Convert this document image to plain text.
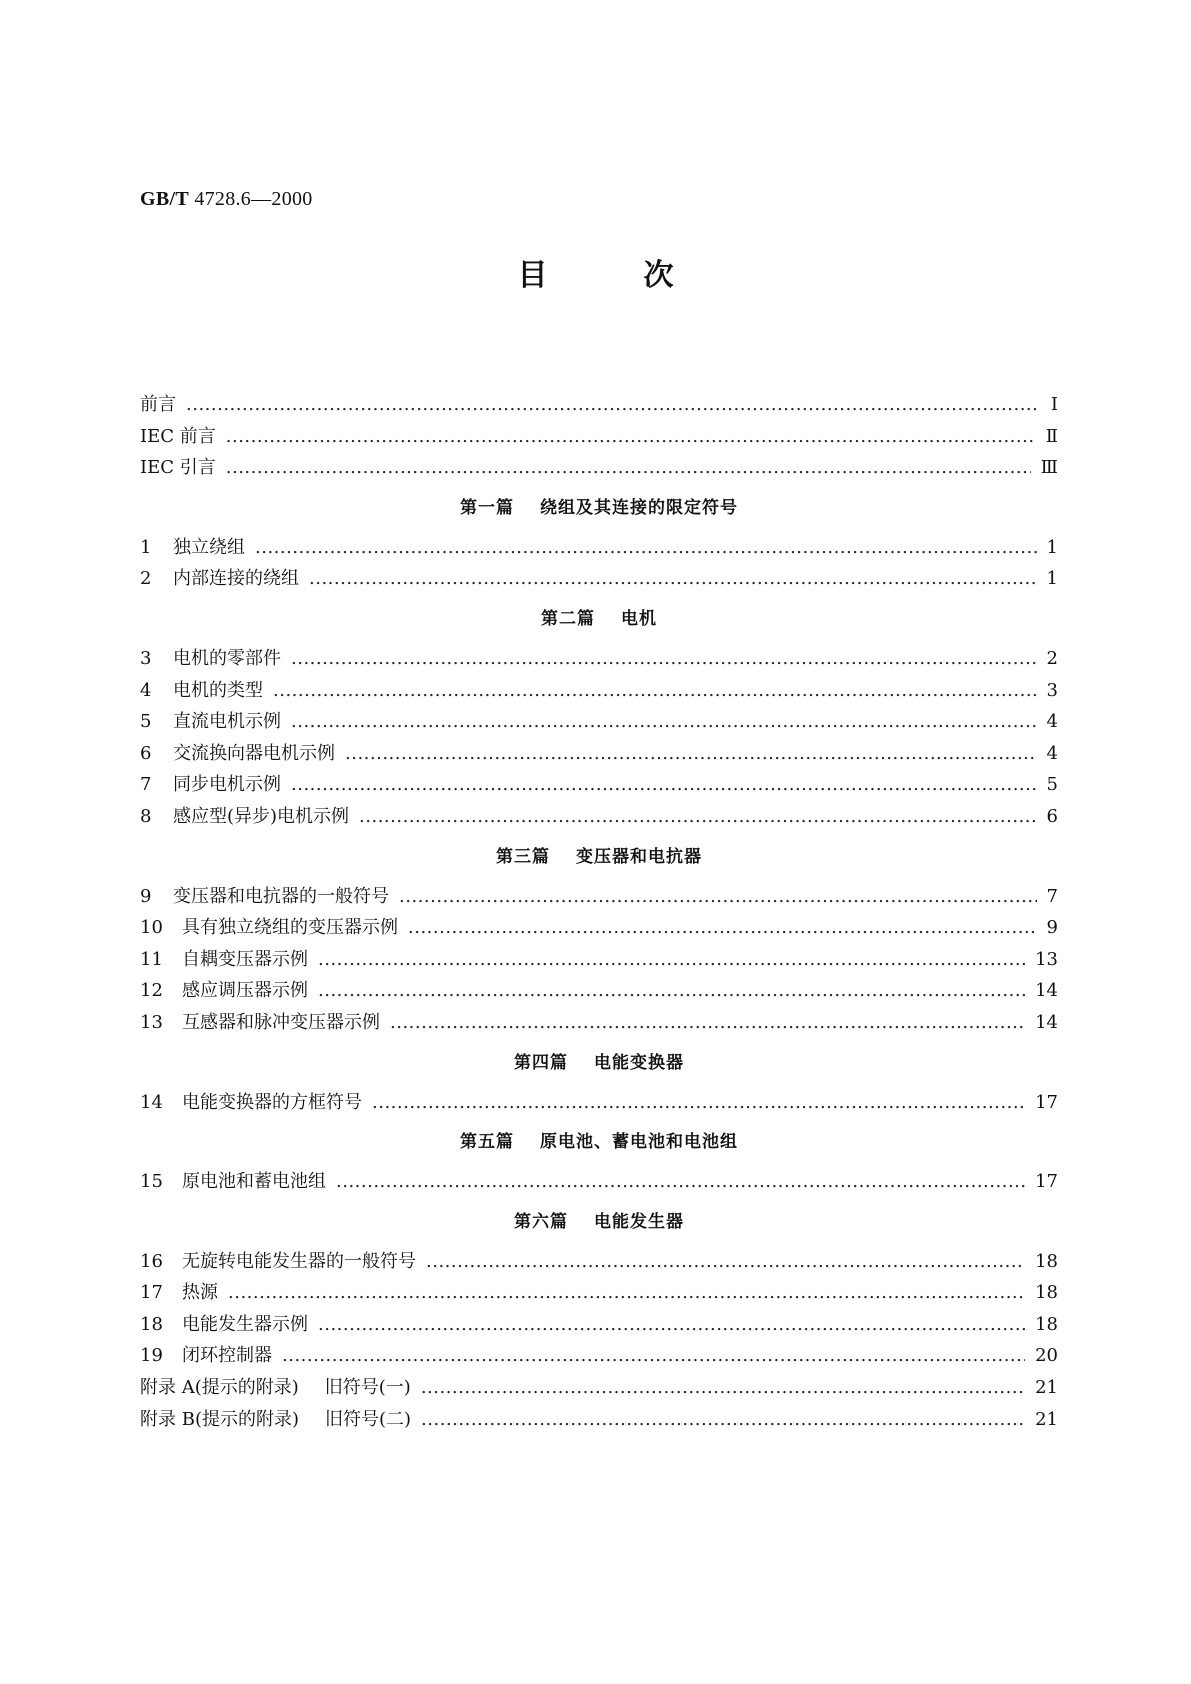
GB/T 4728.6—2000
目	次
前言 .....	Ⅰ
IEC 前言 .....	Ⅱ
IEC 引言 .....	Ⅲ
第一篇 绕组及其连接的限定符号
1	独立绕组 .....	1
2	内部连接的绕组 .....	1
第二篇 电机
3	电机的零部件 .....	2
4	电机的类型 .....	3
5	直流电机示例 .....	4
6	交流换向器电机示例 .....	4
7	同步电机示例 .....	5
8	感应型(异步)电机示例 .....	6
第三篇 变压器和电抗器
9	变压器和电抗器的一般符号 .....	7
10	具有独立绕组的变压器示例 .....	9
11	自耦变压器示例 .....	13
12	感应调压器示例 .....	14
13	互感器和脉冲变压器示例 .....	14
第四篇 电能变换器
14	电能变换器的方框符号 .....	17
第五篇 原电池、蓄电池和电池组
15	原电池和蓄电池组 .....	17
第六篇 电能发生器
16	无旋转电能发生器的一般符号 .....	18
17	热源 .....	18
18	电能发生器示例 .....	18
19	闭环控制器 .....	20
附录 A(提示的附录) 旧符号(一) .....	21
附录 B(提示的附录) 旧符号(二) .....	21
